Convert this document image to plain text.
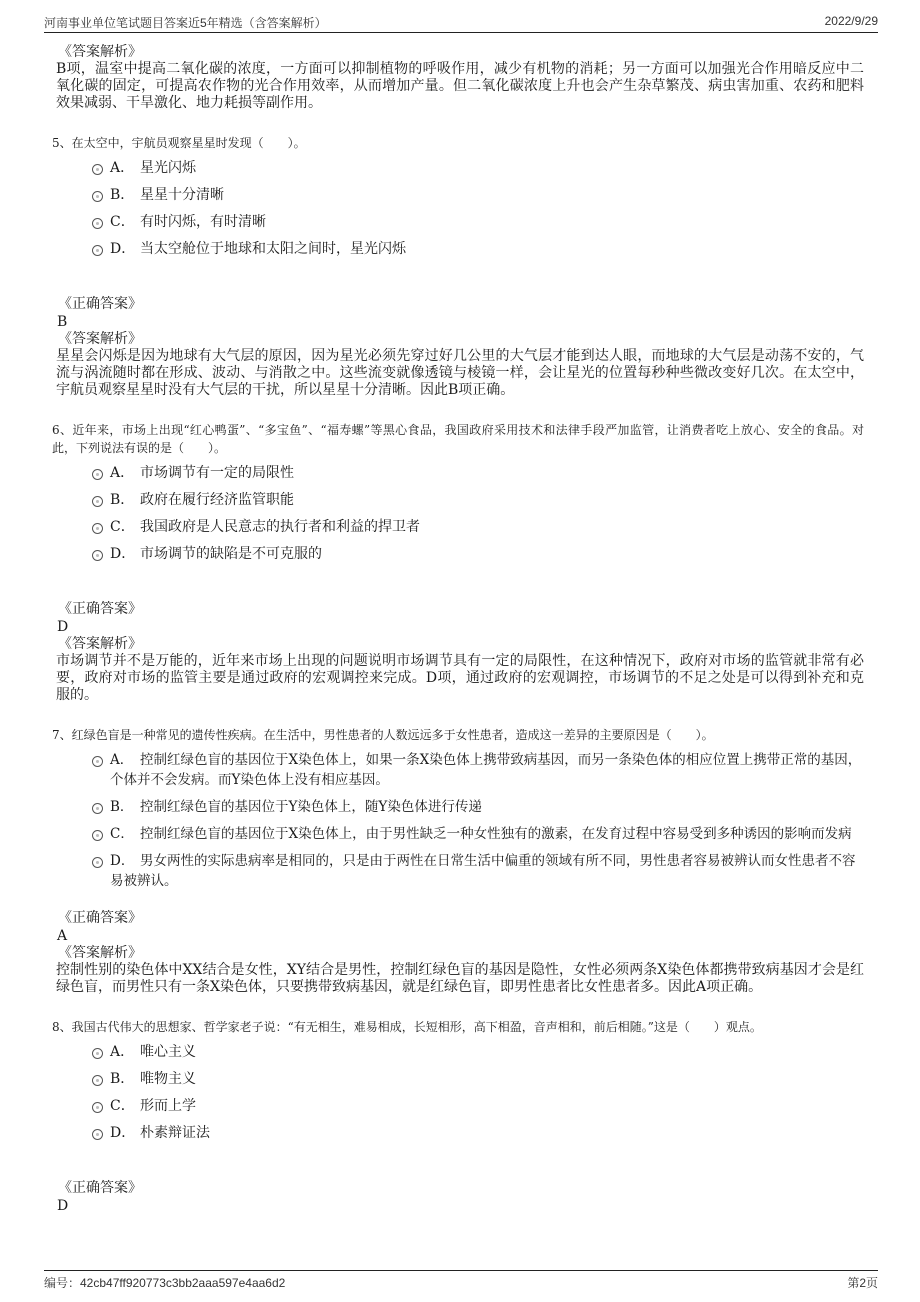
河南事业单位笔试题目答案近5年精选（含答案解析）	2022/9/29
《答案解析》

B项，温室中提高二氧化碳的浓度，一方面可以抑制植物的呼吸作用，减少有机物的消耗；另一方面可以加强光合作用暗反应中二氧化碳的固定，可提高农作物的光合作用效率，从而增加产量。但二氧化碳浓度上升也会产生杂草繁茂、病虫害加重、农药和肥料效果减弱、干旱激化、地力耗损等副作用。

5、在太空中，宇航员观察星星时发现（　　）。
A． 星光闪烁
B． 星星十分清晰
C． 有时闪烁，有时清晰
D． 当太空舱位于地球和太阳之间时，星光闪烁
《正确答案》
B
《答案解析》

星星会闪烁是因为地球有大气层的原因，因为星光必须先穿过好几公里的大气层才能到达人眼，而地球的大气层是动荡不安的，气流与涡流随时都在形成、波动、与消散之中。这些流变就像透镜与棱镜一样，会让星光的位置每秒种些微改变好几次。在太空中，宇航员观察星星时没有大气层的干扰，所以星星十分清晰。因此B项正确。

6、近年来，市场上出现“红心鸭蛋”、“多宝鱼”、“福寿螺”等黑心食品，我国政府采用技术和法律手段严加监管，让消费者吃上放心、安全的食品。对此，下列说法有误的是（　　）。
A． 市场调节有一定的局限性
B． 政府在履行经济监管职能
C． 我国政府是人民意志的执行者和利益的捍卫者
D． 市场调节的缺陷是不可克服的
《正确答案》
D
《答案解析》

市场调节并不是万能的，近年来市场上出现的问题说明市场调节具有一定的局限性，在这种情况下，政府对市场的监管就非常有必要，政府对市场的监管主要是通过政府的宏观调控来完成。D项，通过政府的宏观调控，市场调节的不足之处是可以得到补充和克服的。

7、红绿色盲是一种常见的遗传性疾病。在生活中，男性患者的人数远远多于女性患者，造成这一差异的主要原因是（　　）。
A． 控制红绿色盲的基因位于X染色体上，如果一条X染色体上携带致病基因，而另一条染色体的相应位置上携带正常的基因，个体并不会发病。而Y染色体上没有相应基因。
B． 控制红绿色盲的基因位于Y染色体上，随Y染色体进行传递
C． 控制红绿色盲的基因位于X染色体上，由于男性缺乏一种女性独有的激素，在发育过程中容易受到多种诱因的影响而发病
D． 男女两性的实际患病率是相同的，只是由于两性在日常生活中偏重的领域有所不同，男性患者容易被辨认而女性患者不容易被辨认。
《正确答案》
A
《答案解析》

控制性别的染色体中XX结合是女性，XY结合是男性，控制红绿色盲的基因是隐性，女性必须两条X染色体都携带致病基因才会是红绿色盲，而男性只有一条X染色体，只要携带致病基因，就是红绿色盲，即男性患者比女性患者多。因此A项正确。

8、我国古代伟大的思想家、哲学家老子说：“有无相生，难易相成，长短相形，高下相盈，音声相和，前后相随。”这是（　　）观点。
A． 唯心主义
B． 唯物主义
C． 形而上学
D． 朴素辩证法
《正确答案》
D
编号：42cb47ff920773c3bb2aaa597e4aa6d2	第2页
